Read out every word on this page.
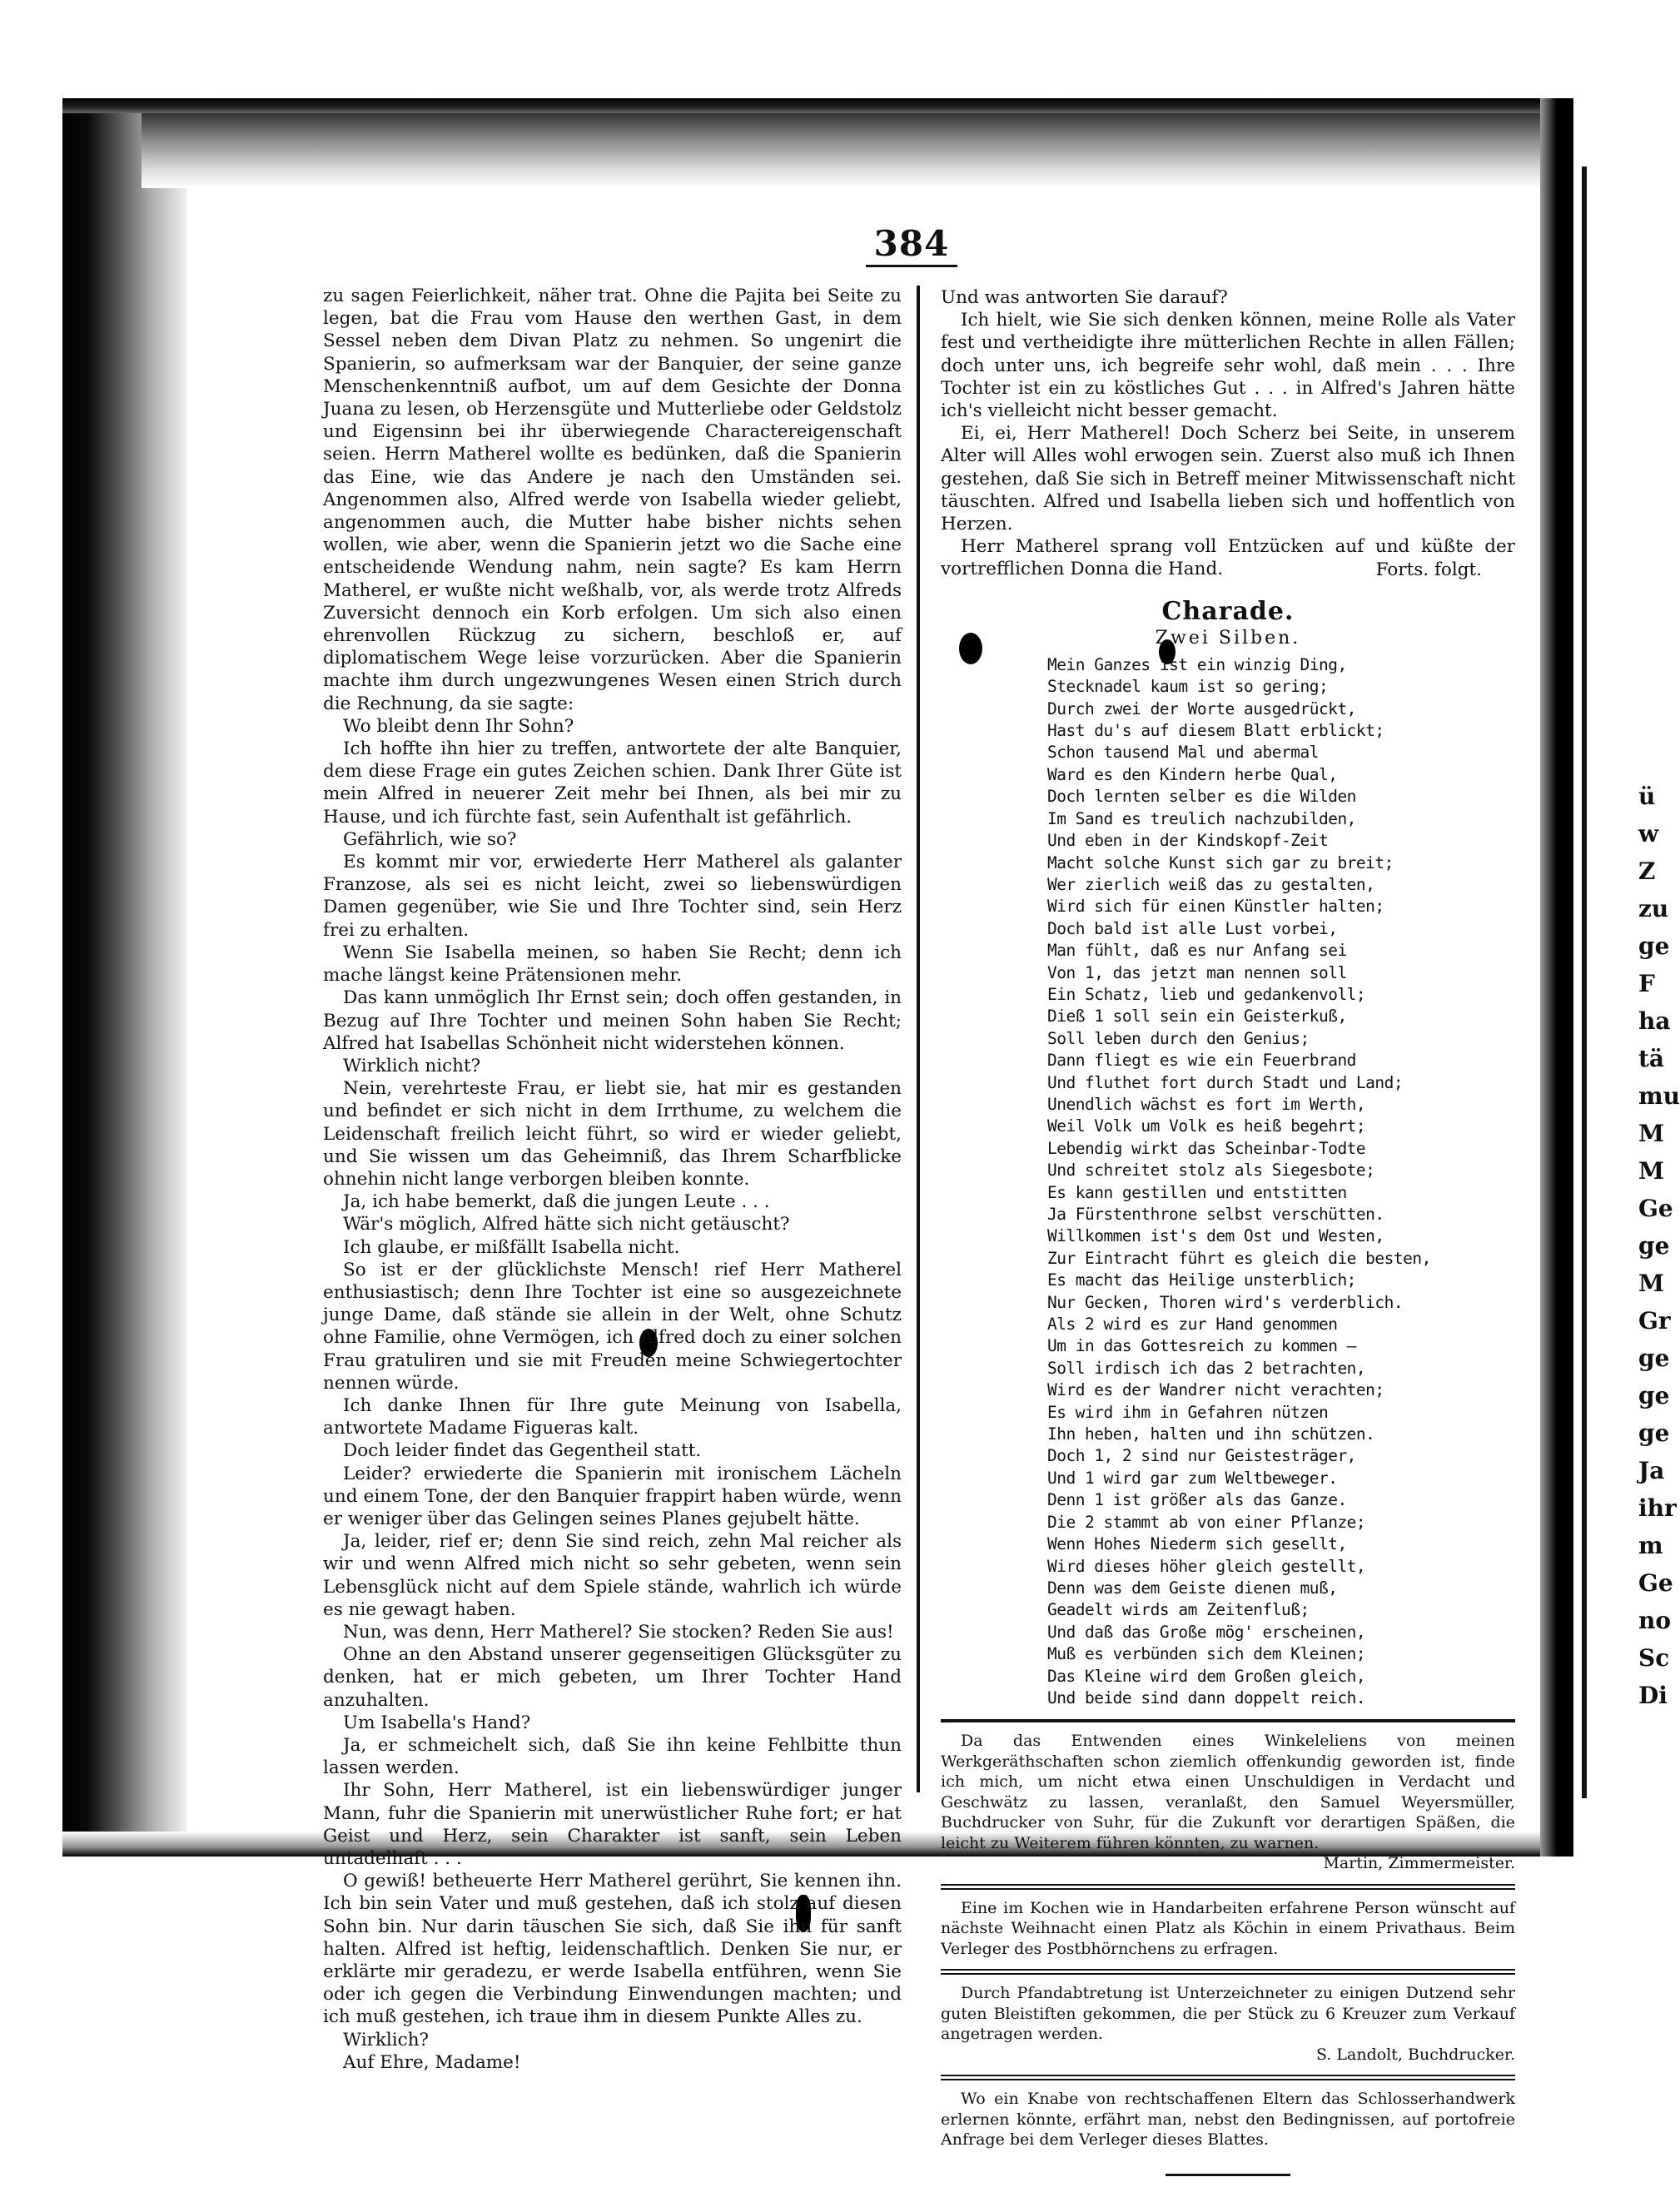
ü
w
Z
zu
ge
F
ha
tä
mu
M
M
Ge
ge
M
Gr
ge
ge
ge
Ja
ihr
m
Ge
no
Sc
Di
384

zu sagen Feierlichkeit, näher trat. Ohne die Pajita bei Seite zu legen, bat die Frau vom Hause den werthen Gast, in dem Sessel neben dem Divan Platz zu nehmen. So ungenirt die Spanierin, so aufmerksam war der Banquier, der seine ganze Menschenkenntniß aufbot, um auf dem Gesichte der Donna Juana zu lesen, ob Herzensgüte und Mutterliebe oder Geldstolz und Eigensinn bei ihr überwiegende Charactereigenschaft seien. Herrn Matherel wollte es bedünken, daß die Spanierin das Eine, wie das Andere je nach den Umständen sei. Angenommen also, Alfred werde von Isabella wieder geliebt, angenommen auch, die Mutter habe bisher nichts sehen wollen, wie aber, wenn die Spanierin jetzt wo die Sache eine entscheidende Wendung nahm, nein sagte? Es kam Herrn Matherel, er wußte nicht weßhalb, vor, als werde trotz Alfreds Zuversicht dennoch ein Korb erfolgen. Um sich also einen ehrenvollen Rückzug zu sichern, beschloß er, auf diplomatischem Wege leise vorzurücken. Aber die Spanierin machte ihm durch ungezwungenes Wesen einen Strich durch die Rechnung, da sie sagte:

Wo bleibt denn Ihr Sohn?

Ich hoffte ihn hier zu treffen, antwortete der alte Banquier, dem diese Frage ein gutes Zeichen schien. Dank Ihrer Güte ist mein Alfred in neuerer Zeit mehr bei Ihnen, als bei mir zu Hause, und ich fürchte fast, sein Aufenthalt ist gefährlich.

Gefährlich, wie so?

Es kommt mir vor, erwiederte Herr Matherel als galanter Franzose, als sei es nicht leicht, zwei so liebenswürdigen Damen gegenüber, wie Sie und Ihre Tochter sind, sein Herz frei zu erhalten.

Wenn Sie Isabella meinen, so haben Sie Recht; denn ich mache längst keine Prätensionen mehr.

Das kann unmöglich Ihr Ernst sein; doch offen gestanden, in Bezug auf Ihre Tochter und meinen Sohn haben Sie Recht; Alfred hat Isabellas Schönheit nicht widerstehen können.

Wirklich nicht?

Nein, verehrteste Frau, er liebt sie, hat mir es gestanden und befindet er sich nicht in dem Irrthume, zu welchem die Leidenschaft freilich leicht führt, so wird er wieder geliebt, und Sie wissen um das Geheimniß, das Ihrem Scharfblicke ohnehin nicht lange verborgen bleiben konnte.

Ja, ich habe bemerkt, daß die jungen Leute . . .

Wär's möglich, Alfred hätte sich nicht getäuscht?

Ich glaube, er mißfällt Isabella nicht.

So ist er der glücklichste Mensch! rief Herr Matherel enthusiastisch; denn Ihre Tochter ist eine so ausgezeichnete junge Dame, daß stände sie allein in der Welt, ohne Schutz ohne Familie, ohne Vermögen, ich Alfred doch zu einer solchen Frau gratuliren und sie mit Freuden meine Schwiegertochter nennen würde.

Ich danke Ihnen für Ihre gute Meinung von Isabella, antwortete Madame Figueras kalt.

Doch leider findet das Gegentheil statt.

Leider? erwiederte die Spanierin mit ironischem Lächeln und einem Tone, der den Banquier frappirt haben würde, wenn er weniger über das Gelingen seines Planes gejubelt hätte.

Ja, leider, rief er; denn Sie sind reich, zehn Mal reicher als wir und wenn Alfred mich nicht so sehr gebeten, wenn sein Lebensglück nicht auf dem Spiele stände, wahrlich ich würde es nie gewagt haben.

Nun, was denn, Herr Matherel? Sie stocken? Reden Sie aus!

Ohne an den Abstand unserer gegenseitigen Glücksgüter zu denken, hat er mich gebeten, um Ihrer Tochter Hand anzuhalten.

Um Isabella's Hand?

Ja, er schmeichelt sich, daß Sie ihn keine Fehlbitte thun lassen werden.

Ihr Sohn, Herr Matherel, ist ein liebenswürdiger junger Mann, fuhr die Spanierin mit unerwüstlicher Ruhe fort; er hat Geist und Herz, sein Charakter ist sanft, sein Leben untadelhaft . . .

O gewiß! betheuerte Herr Matherel gerührt, Sie kennen ihn. Ich bin sein Vater und muß gestehen, daß ich stolz auf diesen Sohn bin. Nur darin täuschen Sie sich, daß Sie ihn für sanft halten. Alfred ist heftig, leidenschaftlich. Denken Sie nur, er erklärte mir geradezu, er werde Isabella entführen, wenn Sie oder ich gegen die Verbindung Einwendungen machten; und ich muß gestehen, ich traue ihm in diesem Punkte Alles zu.

Wirklich?

Auf Ehre, Madame!

Und was antworten Sie darauf?

Ich hielt, wie Sie sich denken können, meine Rolle als Vater fest und vertheidigte ihre mütterlichen Rechte in allen Fällen; doch unter uns, ich begreife sehr wohl, daß mein . . . Ihre Tochter ist ein zu köstliches Gut . . . in Alfred's Jahren hätte ich's vielleicht nicht besser gemacht.

Ei, ei, Herr Matherel! Doch Scherz bei Seite, in unserem Alter will Alles wohl erwogen sein. Zuerst also muß ich Ihnen gestehen, daß Sie sich in Betreff meiner Mitwissenschaft nicht täuschten. Alfred und Isabella lieben sich und hoffentlich von Herzen.

Herr Matherel sprang voll Entzücken auf und küßte der vortrefflichen Donna die Hand.	Forts. folgt.
Charade.
Zwei Silben.
Mein Ganzes ist ein winzig Ding,
Stecknadel kaum ist so gering;
Durch zwei der Worte ausgedrückt,
Hast du's auf diesem Blatt erblickt;
Schon tausend Mal und abermal
Ward es den Kindern herbe Qual,
Doch lernten selber es die Wilden
Im Sand es treulich nachzubilden,
Und eben in der Kindskopf-Zeit
Macht solche Kunst sich gar zu breit;
Wer zierlich weiß das zu gestalten,
Wird sich für einen Künstler halten;
Doch bald ist alle Lust vorbei,
Man fühlt, daß es nur Anfang sei
Von 1, das jetzt man nennen soll
Ein Schatz, lieb und gedankenvoll;
Dieß 1 soll sein ein Geisterkuß,
Soll leben durch den Genius;
Dann fliegt es wie ein Feuerbrand
Und fluthet fort durch Stadt und Land;
Unendlich wächst es fort im Werth,
Weil Volk um Volk es heiß begehrt;
Lebendig wirkt das Scheinbar-Todte
Und schreitet stolz als Siegesbote;
Es kann gestillen und entstitten
Ja Fürstenthrone selbst verschütten.
Willkommen ist's dem Ost und Westen,
Zur Eintracht führt es gleich die besten,
Es macht das Heilige unsterblich;
Nur Gecken, Thoren wird's verderblich.
Als 2 wird es zur Hand genommen
Um in das Gottesreich zu kommen —
Soll irdisch ich das 2 betrachten,
Wird es der Wandrer nicht verachten;
Es wird ihm in Gefahren nützen
Ihn heben, halten und ihn schützen.
Doch 1, 2 sind nur Geistesträger,
Und 1 wird gar zum Weltbeweger.
Denn 1 ist größer als das Ganze.
Die 2 stammt ab von einer Pflanze;
Wenn Hohes Niederm sich gesellt,
Wird dieses höher gleich gestellt,
Denn was dem Geiste dienen muß,
Geadelt wirds am Zeitenfluß;
Und daß das Große mög' erscheinen,
Muß es verbünden sich dem Kleinen;
Das Kleine wird dem Großen gleich,
Und beide sind dann doppelt reich.

Da das Entwenden eines Winkeleliens von meinen Werkgeräthschaften schon ziemlich offenkundig geworden ist, finde ich mich, um nicht etwa einen Unschuldigen in Verdacht und Geschwätz zu lassen, veranlaßt, den Samuel Weyersmüller, Buchdrucker von Suhr, für die Zukunft vor derartigen Späßen, die leicht zu Weiterem führen könnten, zu warnen.

Martin, Zimmermeister.

Eine im Kochen wie in Handarbeiten erfahrene Person wünscht auf nächste Weihnacht einen Platz als Köchin in einem Privathaus. Beim Verleger des Postbhörnchens zu erfragen.

Durch Pfandabtretung ist Unterzeichneter zu einigen Dutzend sehr guten Bleistiften gekommen, die per Stück zu 6 Kreuzer zum Verkauf angetragen werden.

S. Landolt, Buchdrucker.

Wo ein Knabe von rechtschaffenen Eltern das Schlosserhandwerk erlernen könnte, erfährt man, nebst den Bedingnissen, auf portofreie Anfrage bei dem Verleger dieses Blattes.
